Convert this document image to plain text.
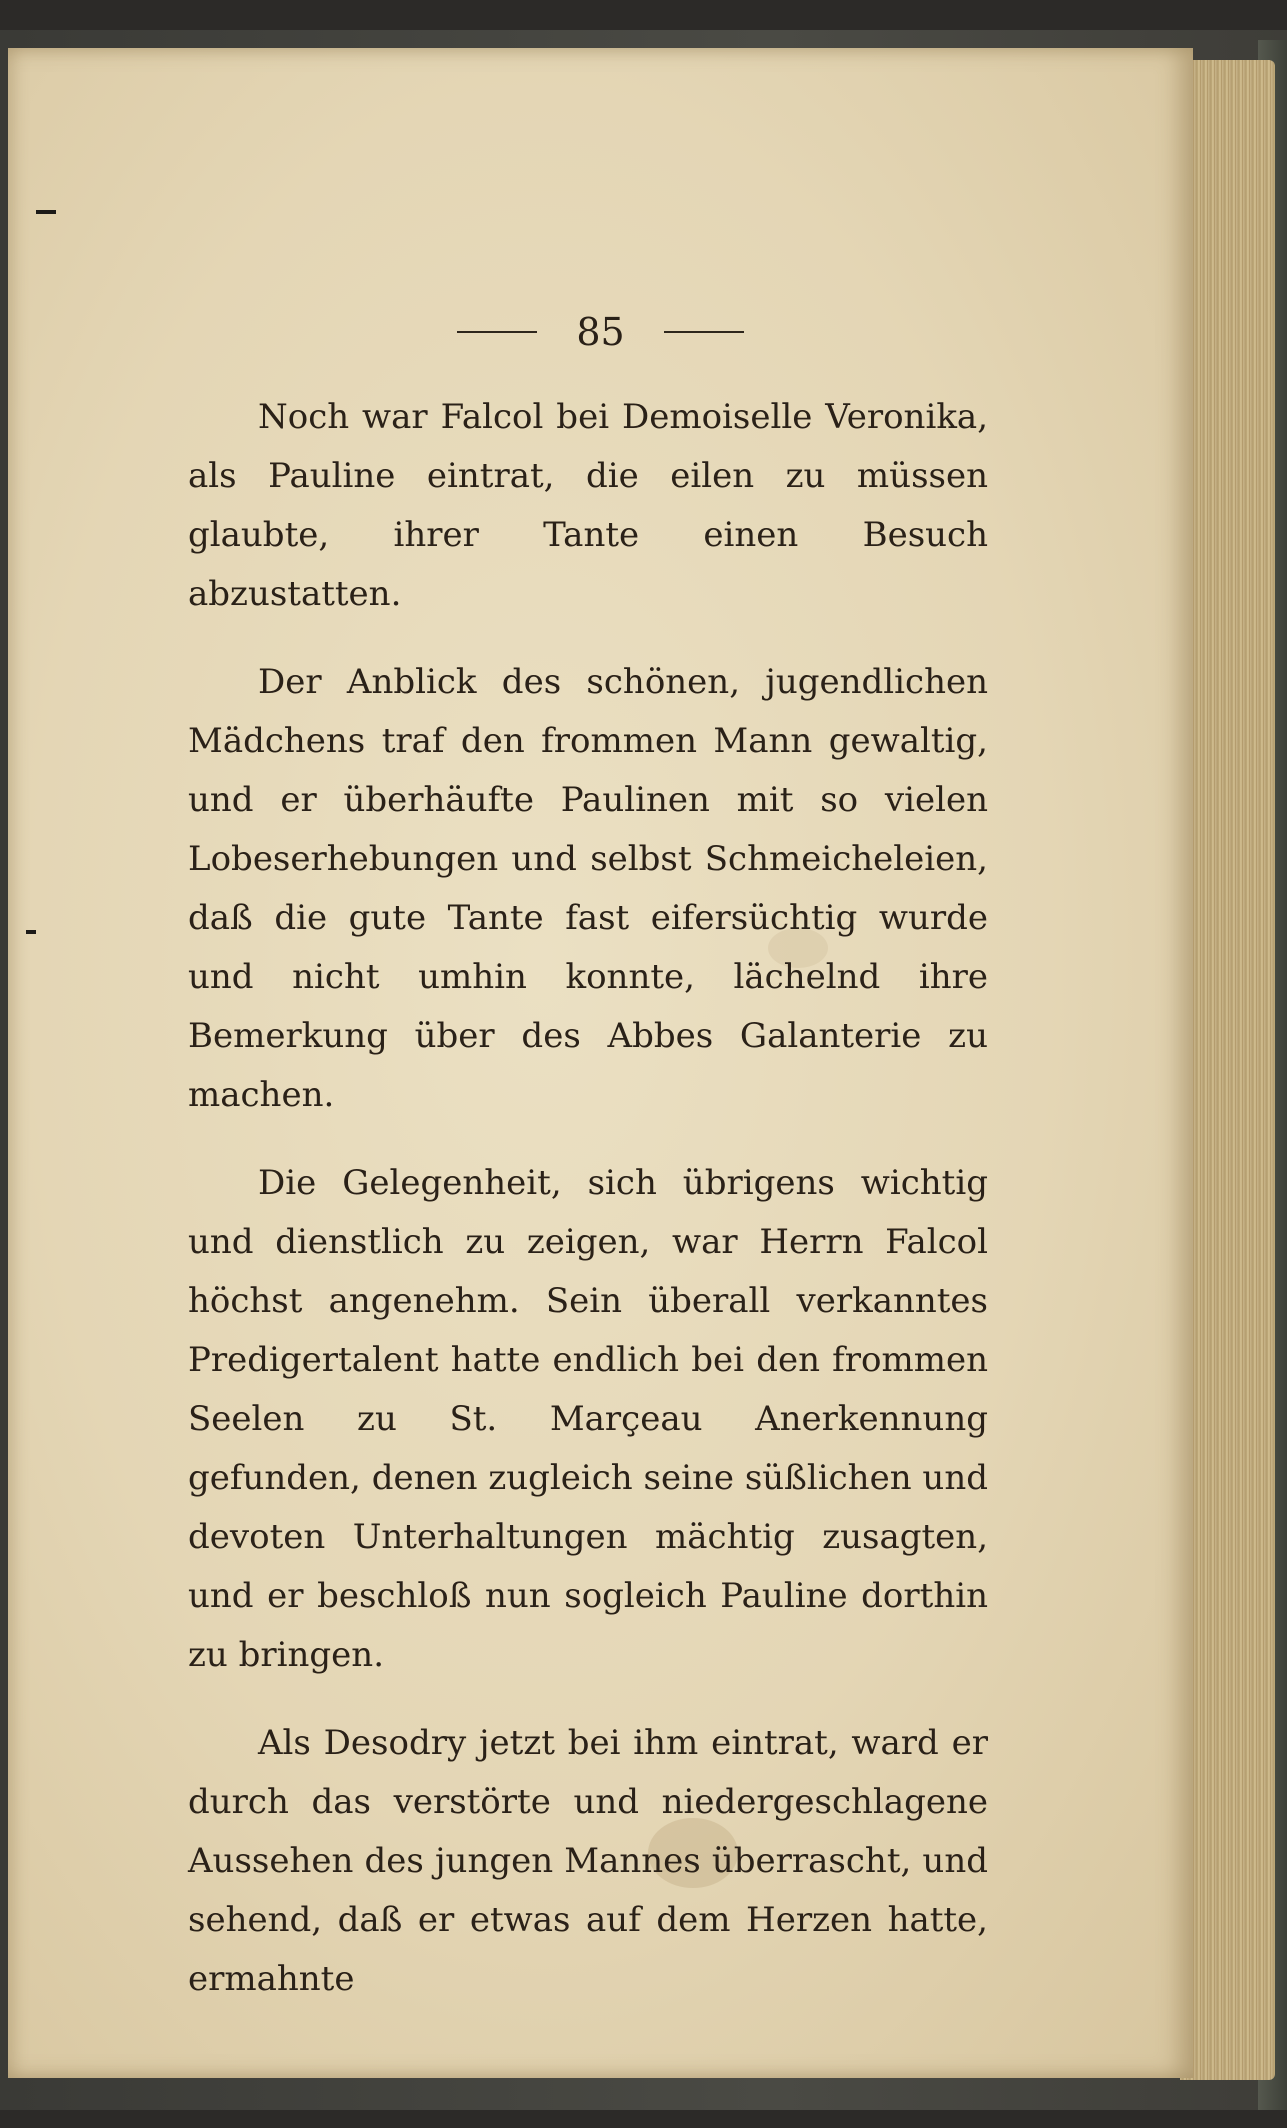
85

Noch war Falcol bei Demoiselle Veronika, als Pauline eintrat, die eilen zu müssen glaubte, ihrer Tante einen Besuch abzustatten.

Der Anblick des schönen, jugendlichen Mädchens traf den frommen Mann gewaltig, und er überhäufte Paulinen mit so vielen Lobeserhebungen und selbst Schmeicheleien, daß die gute Tante fast eifersüchtig wurde und nicht umhin konnte, lächelnd ihre Bemerkung über des Abbes Galanterie zu machen.

Die Gelegenheit, sich übrigens wichtig und dienstlich zu zeigen, war Herrn Falcol höchst angenehm. Sein überall verkanntes Predigertalent hatte endlich bei den frommen Seelen zu St. Marçeau Anerkennung gefunden, denen zugleich seine süßlichen und devoten Unterhaltungen mächtig zusagten, und er beschloß nun sogleich Pauline dorthin zu bringen.

Als Desodry jetzt bei ihm eintrat, ward er durch das verstörte und niedergeschlagene Aussehen des jungen Mannes überrascht, und sehend, daß er etwas auf dem Herzen hatte, ermahnte
